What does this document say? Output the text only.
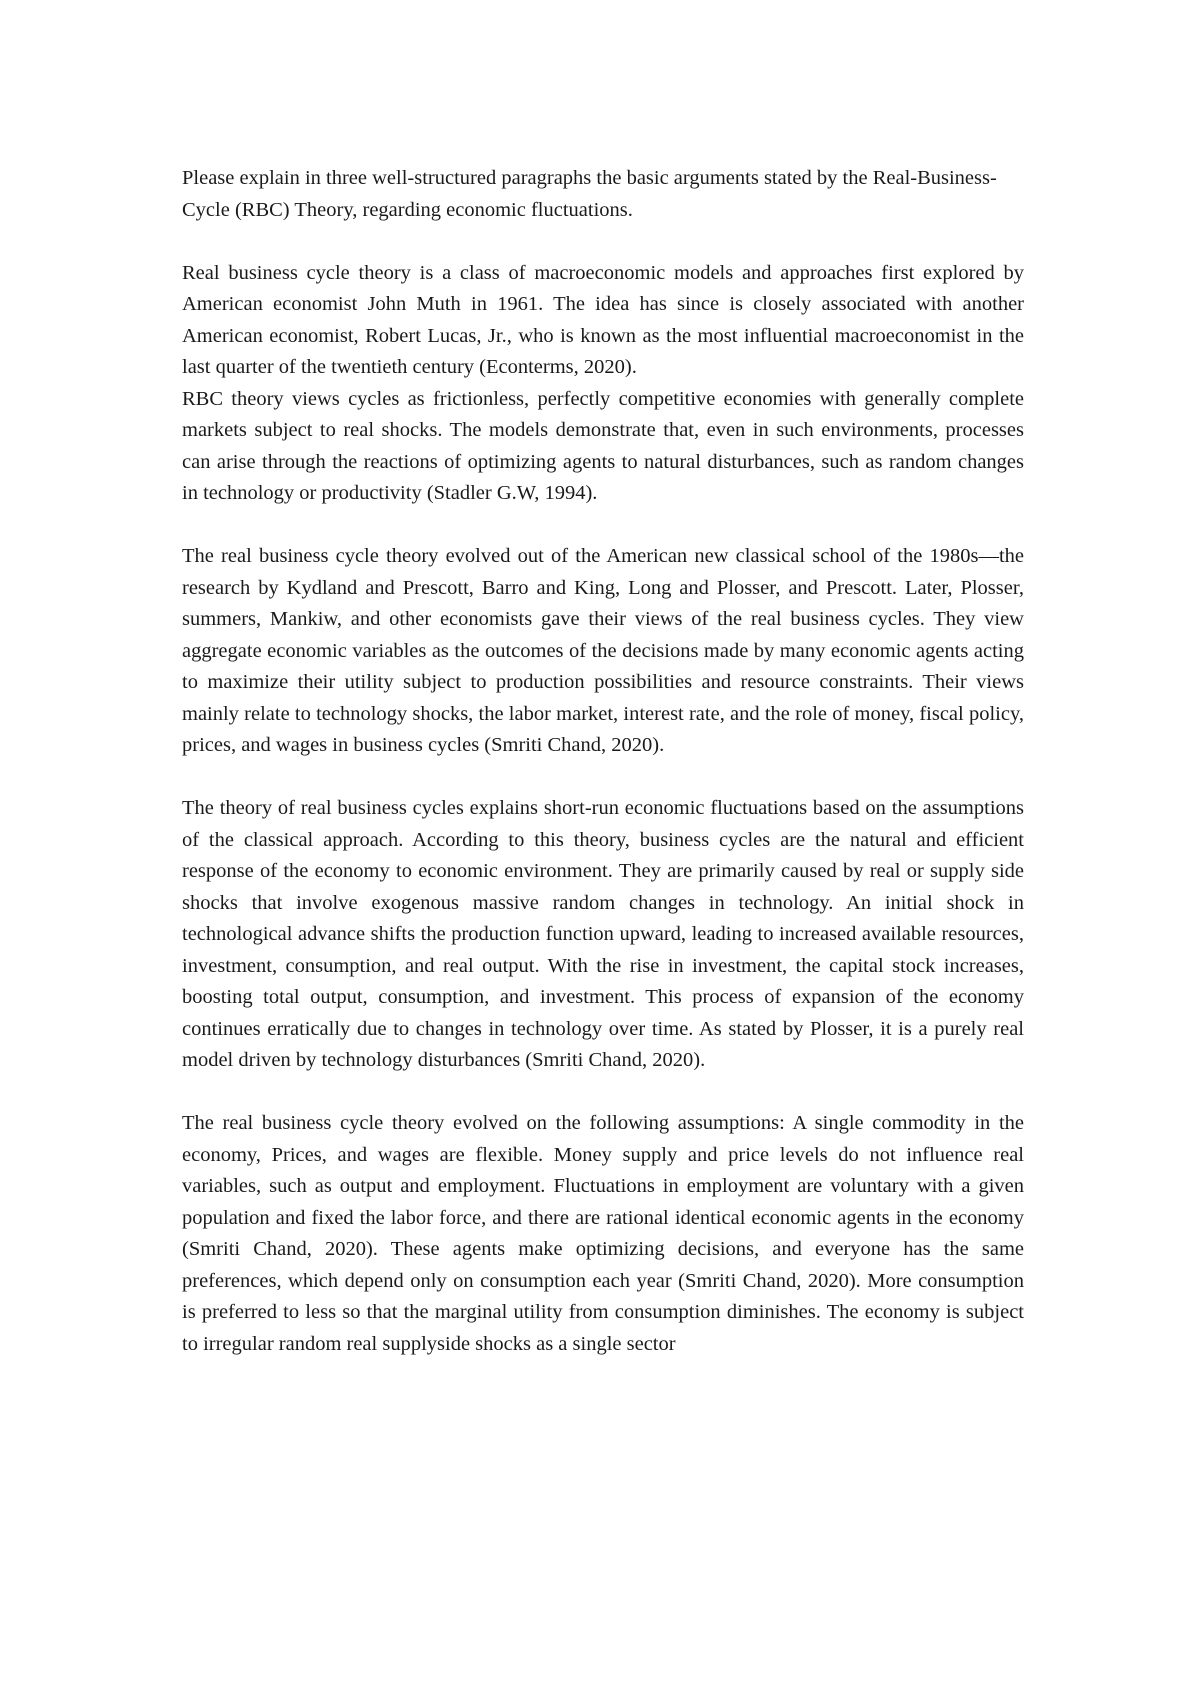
Please explain in three well-structured paragraphs the basic arguments stated by the Real-Business-Cycle (RBC) Theory, regarding economic fluctuations.

Real business cycle theory is a class of macroeconomic models and approaches first explored by American economist John Muth in 1961. The idea has since is closely associated with another American economist, Robert Lucas, Jr., who is known as the most influential macroeconomist in the last quarter of the twentieth century (Econterms, 2020).

RBC theory views cycles as frictionless, perfectly competitive economies with generally complete markets subject to real shocks. The models demonstrate that, even in such environments, processes can arise through the reactions of optimizing agents to natural disturbances, such as random changes in technology or productivity (Stadler G.W, 1994).

The real business cycle theory evolved out of the American new classical school of the 1980s—the research by Kydland and Prescott, Barro and King, Long and Plosser, and Prescott. Later, Plosser, summers, Mankiw, and other economists gave their views of the real business cycles. They view aggregate economic variables as the outcomes of the decisions made by many economic agents acting to maximize their utility subject to production possibilities and resource constraints. Their views mainly relate to technology shocks, the labor market, interest rate, and the role of money, fiscal policy, prices, and wages in business cycles (Smriti Chand, 2020).

The theory of real business cycles explains short-run economic fluctuations based on the assumptions of the classical approach. According to this theory, business cycles are the natural and efficient response of the economy to economic environment. They are primarily caused by real or supply side shocks that involve exogenous massive random changes in technology. An initial shock in technological advance shifts the production function upward, leading to increased available resources, investment, consumption, and real output. With the rise in investment, the capital stock increases, boosting total output, consumption, and investment. This process of expansion of the economy continues erratically due to changes in technology over time. As stated by Plosser, it is a purely real model driven by technology disturbances (Smriti Chand, 2020).

The real business cycle theory evolved on the following assumptions: A single commodity in the economy, Prices, and wages are flexible. Money supply and price levels do not influence real variables, such as output and employment. Fluctuations in employment are voluntary with a given population and fixed the labor force, and there are rational identical economic agents in the economy (Smriti Chand, 2020). These agents make optimizing decisions, and everyone has the same preferences, which depend only on consumption each year (Smriti Chand, 2020). More consumption is preferred to less so that the marginal utility from consumption diminishes. The economy is subject to irregular random real supplyside shocks as a single sector
